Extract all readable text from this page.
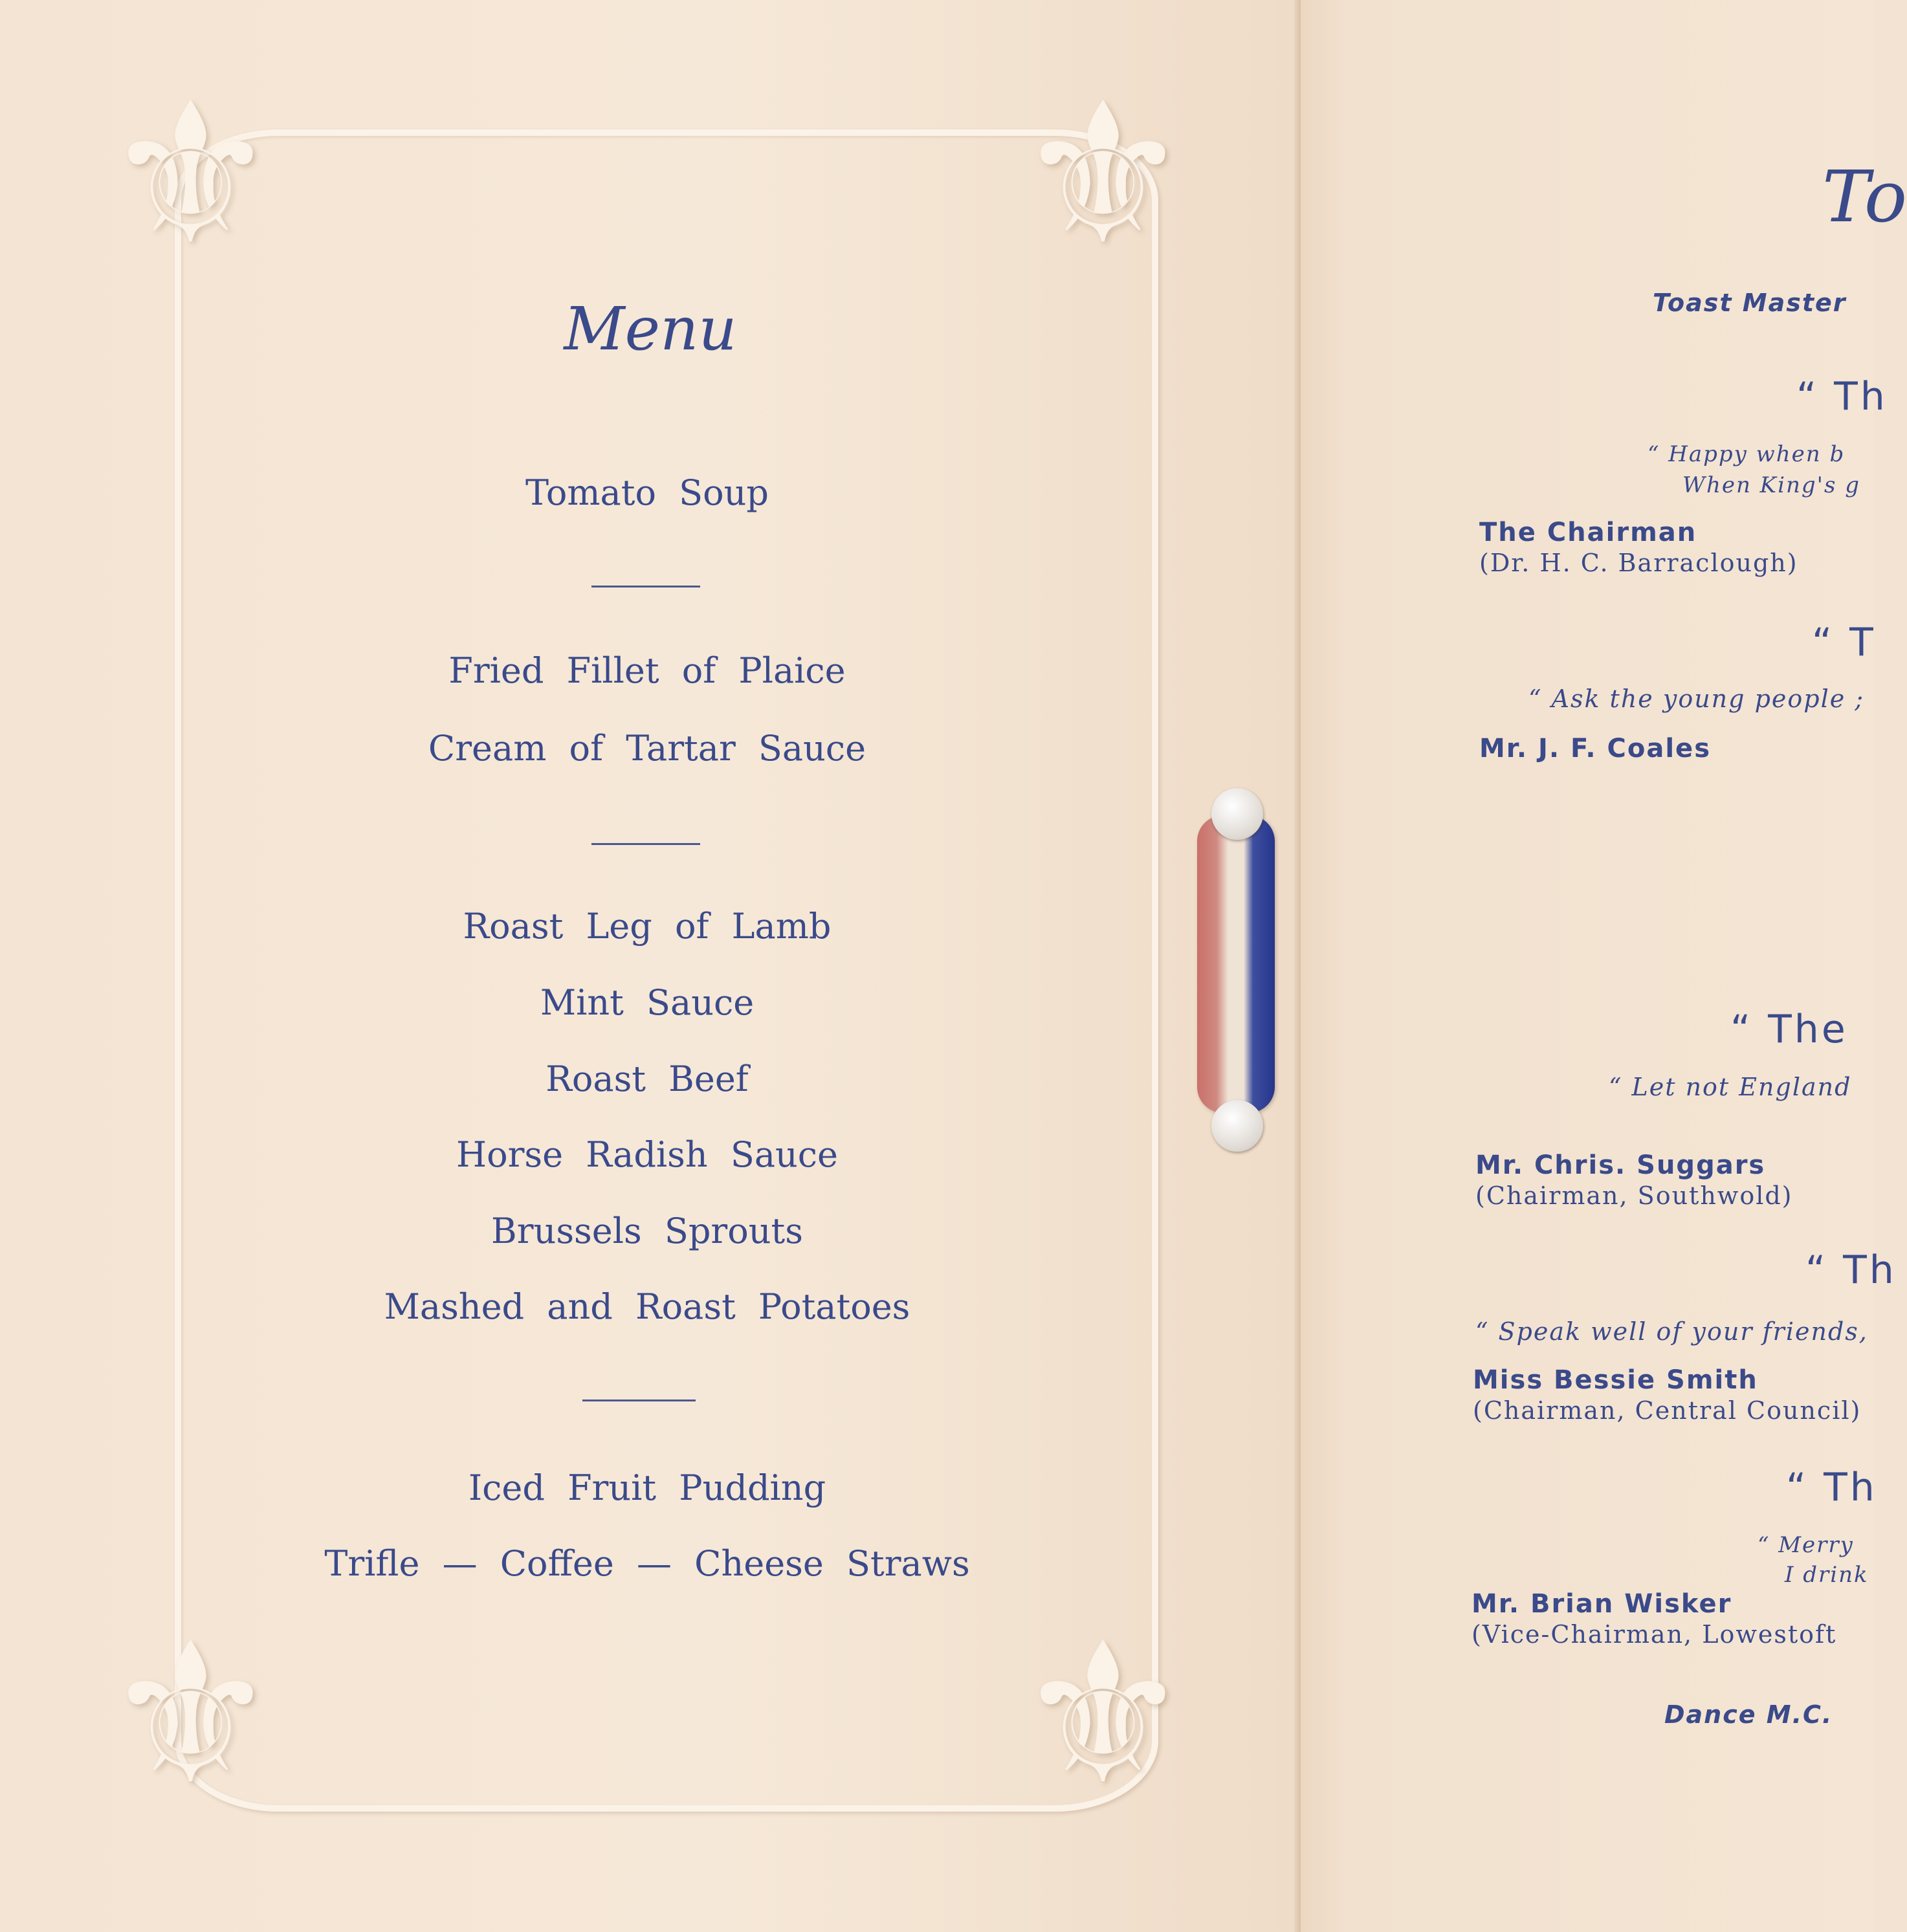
⚜	⚜
⚜	⚜
Menu
Tomato Soup
Fried Fillet of Plaice
Cream of Tartar Sauce
Roast Leg of Lamb
Mint Sauce
Roast Beef
Horse Radish Sauce
Brussels Sprouts
Mashed and Roast Potatoes
Iced Fruit Pudding
Trifle — Coffee — Cheese Straws
To
Toast Master
“ Th
“ Happy when b
When King's g
The Chairman
(Dr. H. C. Barraclough)
“ T
“ Ask the young people ;
Mr. J. F. Coales
“ The
“ Let not England
Mr. Chris. Suggars
(Chairman, Southwold)
“ Th
“ Speak well of your friends,
Miss Bessie Smith
(Chairman, Central Council)
“ Th
“ Merry
I drink
Mr. Brian Wisker
(Vice-Chairman, Lowestoft
Dance M.C.
